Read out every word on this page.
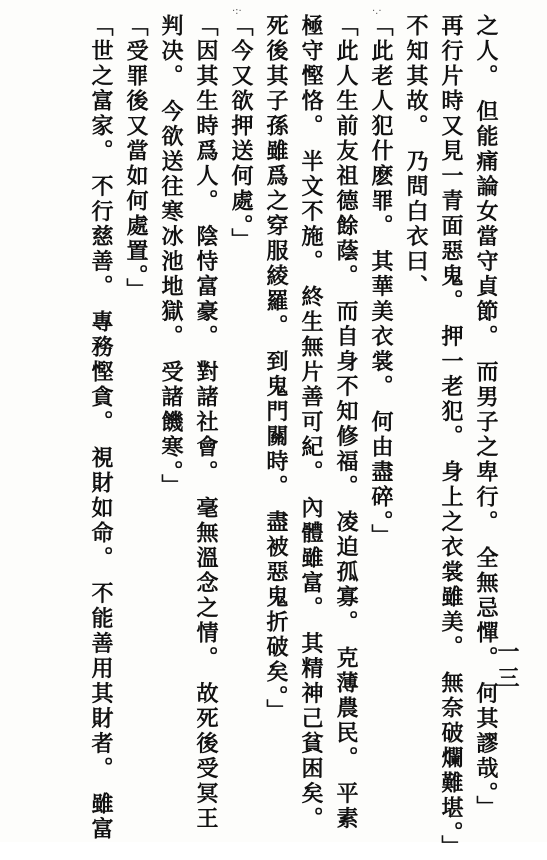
·:·	·.·
之人。 但能痛論女當守貞節。 而男子之卑行。 全無忌憚。 何其謬哉。」
再行片時又見一青面惡鬼。 押一老犯。 身上之衣裳雖美。 無奈破爛難堪。」
不知其故。 乃問白衣曰、
「此老人犯什麽罪。 其華美衣裳。 何由盡碎。」
「此人生前友祖德餘蔭。 而自身不知修福。 凌迫孤寡。 克薄農民。 平素
極守慳恪。 半文不施。 終生無片善可紀。 內體雖富。 其精神己貧困矣。
死後其子孫雖爲之穿服綾羅。 到鬼門關時。 盡被惡鬼折破矣。」
「今又欲押送何處。」
「因其生時爲人。 陰恃富豪。 對諸社會。 毫無溫念之情。 故死後受冥王
判决。 今欲送往寒冰池地獄。 受諸饑寒。」
「受罪後又當如何處置。」
「世之富家。 不行慈善。 專務慳貪。 視財如命。 不能善用其財者。 雖富	一三
